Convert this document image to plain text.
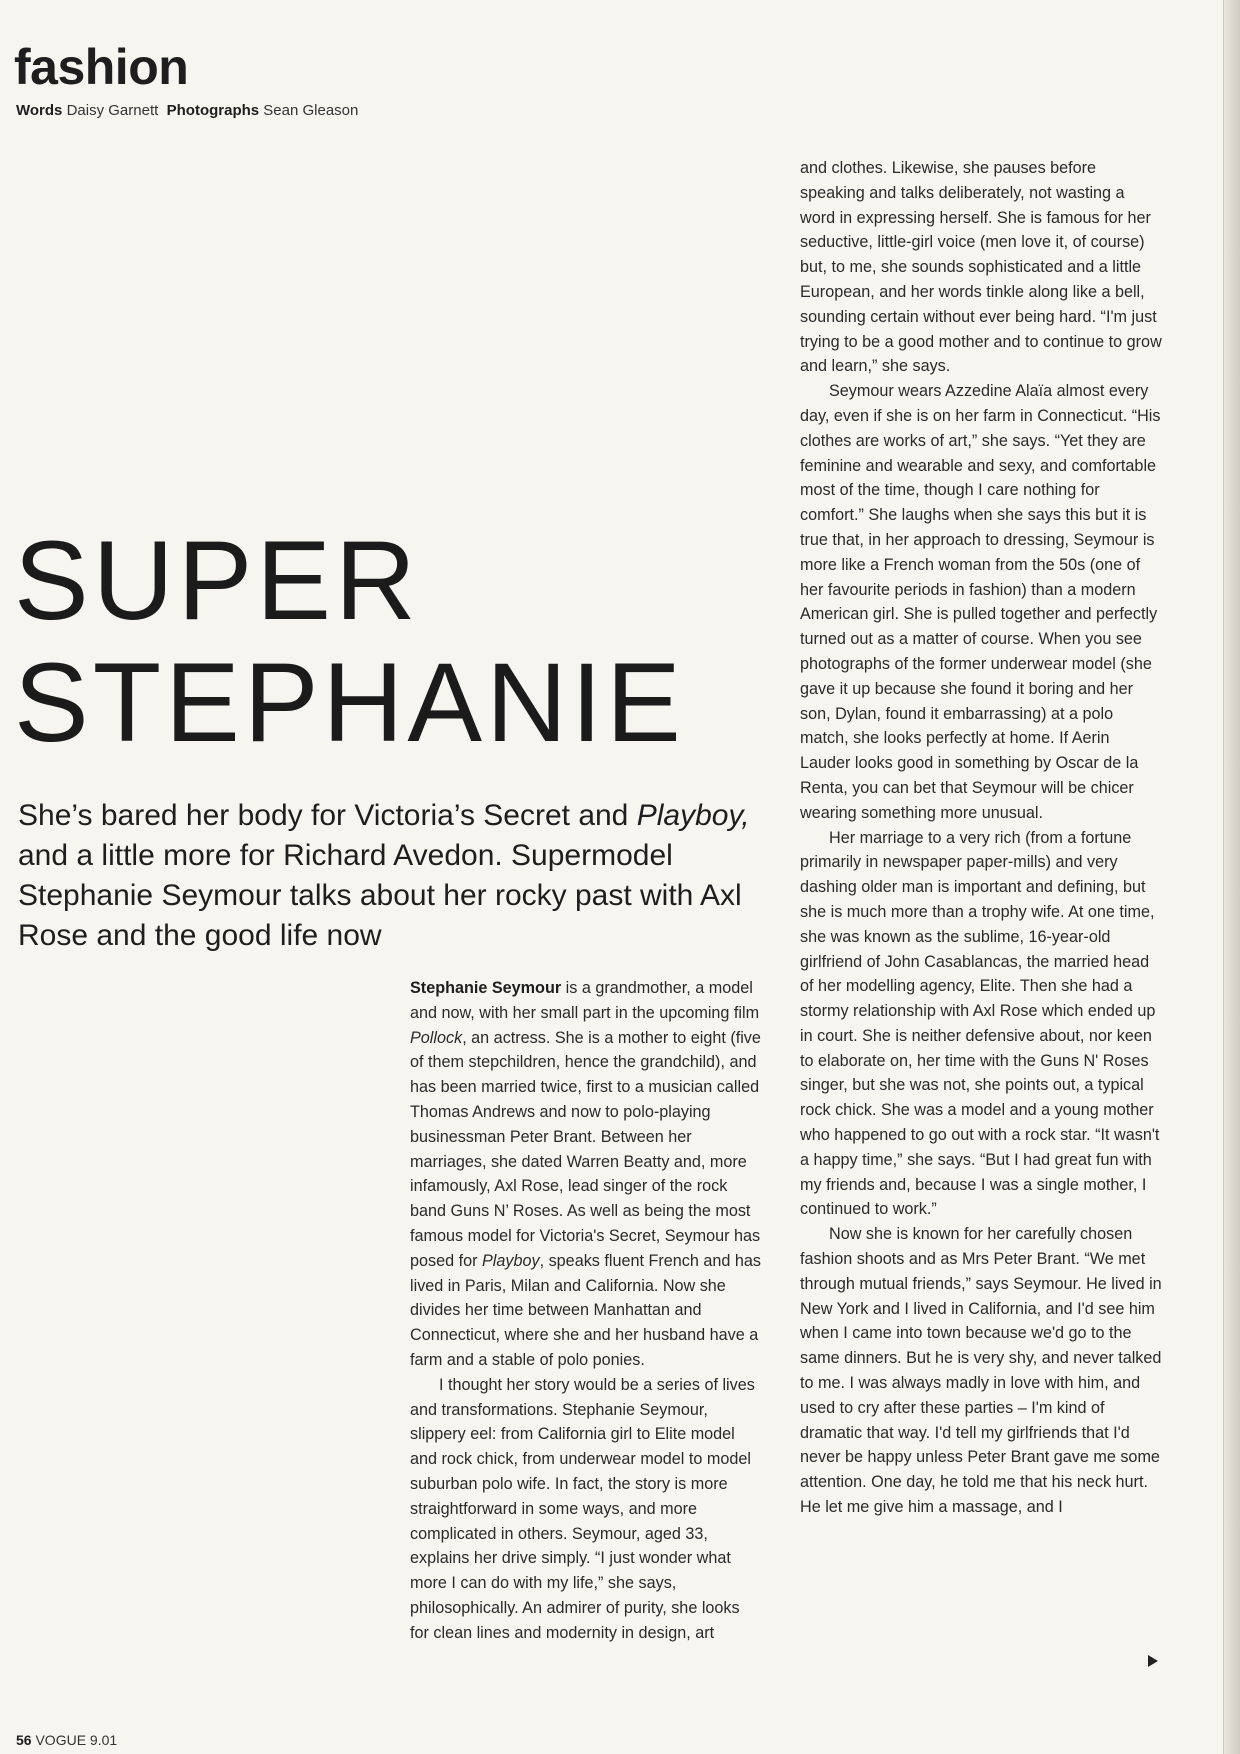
fashion
Words Daisy Garnett Photographs Sean Gleason
SUPER
STEPHANIE
She’s bared her body for Victoria’s Secret and Playboy, and a little more for Richard Avedon. Supermodel Stephanie Seymour talks about her rocky past with Axl Rose and the good life now

Stephanie Seymour is a grandmother, a model and now, with her small part in the upcoming film Pollock, an actress. She is a mother to eight (five of them stepchildren, hence the grandchild), and has been married twice, first to a musician called Thomas Andrews and now to polo-playing businessman Peter Brant. Between her marriages, she dated Warren Beatty and, more infamously, Axl Rose, lead singer of the rock band Guns N’ Roses. As well as being the most famous model for Victoria's Secret, Seymour has posed for Playboy, speaks fluent French and has lived in Paris, Milan and California. Now she divides her time between Manhattan and Connecticut, where she and her husband have a farm and a stable of polo ponies.

I thought her story would be a series of lives and transformations. Stephanie Seymour, slippery eel: from California girl to Elite model and rock chick, from underwear model to model suburban polo wife. In fact, the story is more straightforward in some ways, and more complicated in others. Seymour, aged 33, explains her drive simply. “I just wonder what more I can do with my life,” she says, philosophically. An admirer of purity, she looks for clean lines and modernity in design, art

and clothes. Likewise, she pauses before speaking and talks deliberately, not wasting a word in expressing herself. She is famous for her seductive, little-girl voice (men love it, of course) but, to me, she sounds sophisticated and a little European, and her words tinkle along like a bell, sounding certain without ever being hard. “I'm just trying to be a good mother and to continue to grow and learn,” she says.

Seymour wears Azzedine Alaïa almost every day, even if she is on her farm in Connecticut. “His clothes are works of art,” she says. “Yet they are feminine and wearable and sexy, and comfortable most of the time, though I care nothing for comfort.” She laughs when she says this but it is true that, in her approach to dressing, Seymour is more like a French woman from the 50s (one of her favourite periods in fashion) than a modern American girl. She is pulled together and perfectly turned out as a matter of course. When you see photographs of the former underwear model (she gave it up because she found it boring and her son, Dylan, found it embarrassing) at a polo match, she looks perfectly at home. If Aerin Lauder looks good in something by Oscar de la Renta, you can bet that Seymour will be chicer wearing something more unusual.

Her marriage to a very rich (from a fortune primarily in newspaper paper-mills) and very dashing older man is important and defining, but she is much more than a trophy wife. At one time, she was known as the sublime, 16-year-old girlfriend of John Casablancas, the married head of her modelling agency, Elite. Then she had a stormy relationship with Axl Rose which ended up in court. She is neither defensive about, nor keen to elaborate on, her time with the Guns N' Roses singer, but she was not, she points out, a typical rock chick. She was a model and a young mother who happened to go out with a rock star. “It wasn't a happy time,” she says. “But I had great fun with my friends and, because I was a single mother, I continued to work.”

Now she is known for her carefully chosen fashion shoots and as Mrs Peter Brant. “We met through mutual friends,” says Seymour. He lived in New York and I lived in California, and I'd see him when I came into town because we'd go to the same dinners. But he is very shy, and never talked to me. I was always madly in love with him, and used to cry after these parties – I'm kind of dramatic that way. I'd tell my girlfriends that I'd never be happy unless Peter Brant gave me some attention. One day, he told me that his neck hurt. He let me give him a massage, and I

56 VOGUE 9.01
